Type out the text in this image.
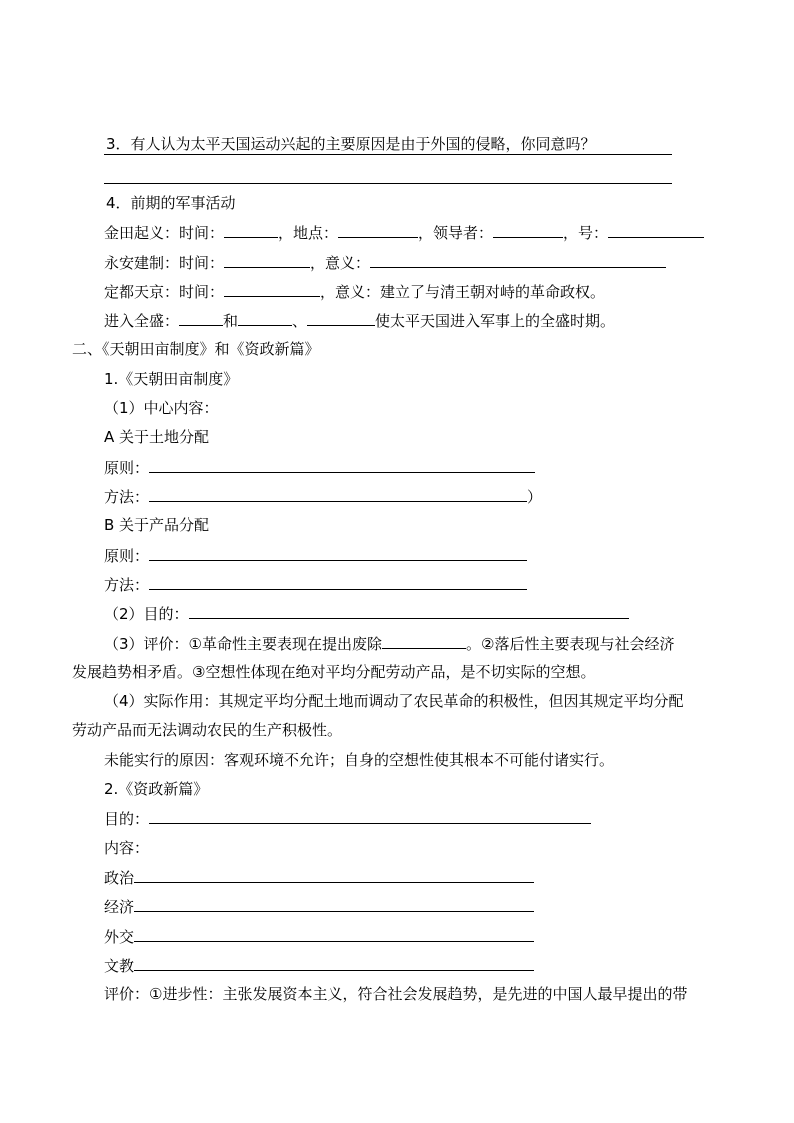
3．有人认为太平天国运动兴起的主要原因是由于外国的侵略，你同意吗？
4．前期的军事活动
金田起义：时间：	，地点：	，领导者：	，号：
永安建制：时间：	，意义：
定都天京：时间：	，意义：建立了与清王朝对峙的革命政权。
进入全盛：	和	、	使太平天国进入军事上的全盛时期。
二、《天朝田亩制度》和《资政新篇》
1.《天朝田亩制度》
（1）中心内容：
A 关于土地分配
原则：
方法：	）
B 关于产品分配
原则：
方法：
（2）目的：
（3）评价：①革命性主要表现在提出废除	。②落后性主要表现与社会经济
发展趋势相矛盾。③空想性体现在绝对平均分配劳动产品，是不切实际的空想。
（4）实际作用：其规定平均分配土地而调动了农民革命的积极性，但因其规定平均分配
劳动产品而无法调动农民的生产积极性。
未能实行的原因：客观环境不允许；自身的空想性使其根本不可能付诸实行。
2.《资政新篇》
目的：
内容：
政治
经济
外交
文教
评价：①进步性：主张发展资本主义，符合社会发展趋势，是先进的中国人最早提出的带
